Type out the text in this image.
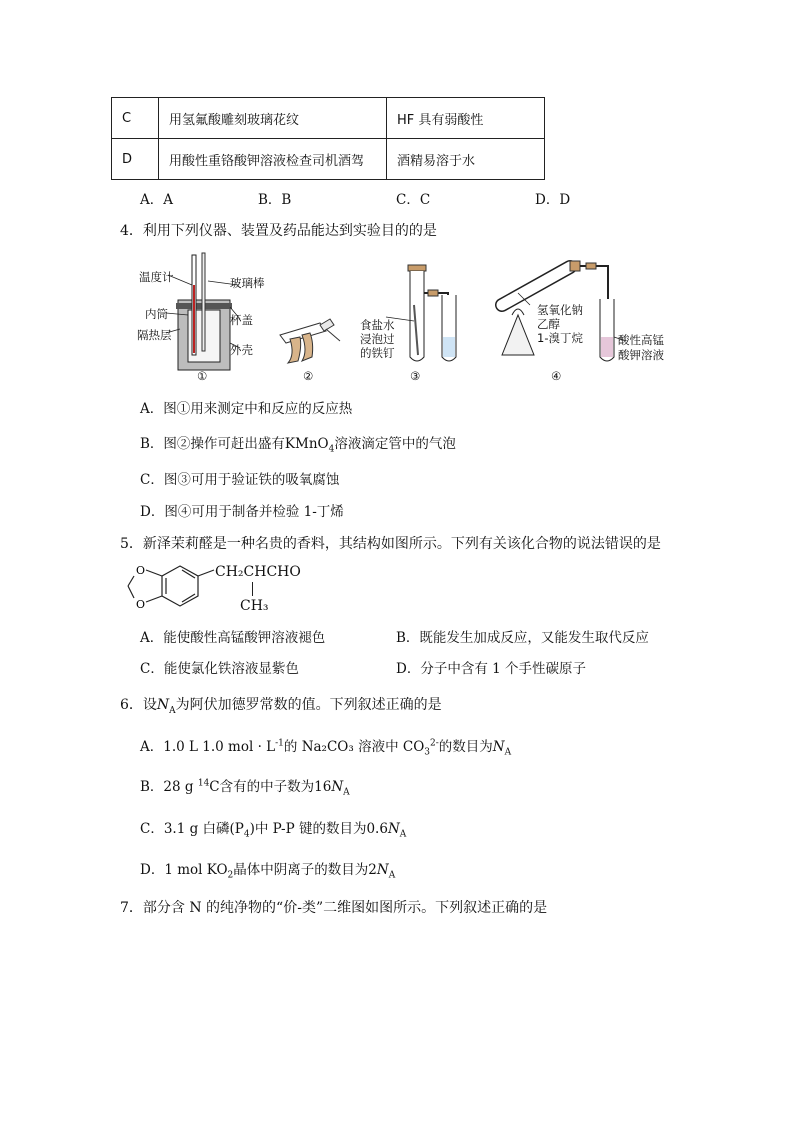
C	用氢氟酸雕刻玻璃花纹	HF 具有弱酸性
D	用酸性重铬酸钾溶液检查司机酒驾	酒精易溶于水
A．A	B．B	C．C	D．D
4．利用下列仪器、装置及药品能达到实验目的的是
温度计	玻璃棒
内筒	杯盖
隔热层
外壳
食盐水
浸泡过
的铁钉
氢氧化钠
乙醇
1-溴丁烷	酸性高锰
酸钾溶液
①	②	③	④
A．图①用来测定中和反应的反应热
B．图②操作可赶出盛有KMnO$_4$溶液滴定管中的气泡
C．图③可用于验证铁的吸氧腐蚀
D．图④可用于制备并检验 1-丁烯
5．新泽茉莉醛是一种名贵的香料，其结构如图所示。下列有关该化合物的说法错误的是
O
O
CH₂CHCHO
CH₃
A．能使酸性高锰酸钾溶液褪色	B．既能发生加成反应，又能发生取代反应
C．能使氯化铁溶液显紫色	D．分子中含有 1 个手性碳原子
6．设$N_A$为阿伏加德罗常数的值。下列叙述正确的是
A．1.0 L 1.0 mol · $L^{-1}$的 Na₂CO₃ 溶液中 $CO_3^{2-}$的数目为$N_A$
B．28 g $^{14}$C含有的中子数为$16N_A$
C．3.1 g 白磷$(P_4)$中 P-P 键的数目为$0.6N_A$
D．1 mol $KO_2$晶体中阴离子的数目为$2N_A$
7．部分含 N 的纯净物的“价-类”二维图如图所示。下列叙述正确的是
